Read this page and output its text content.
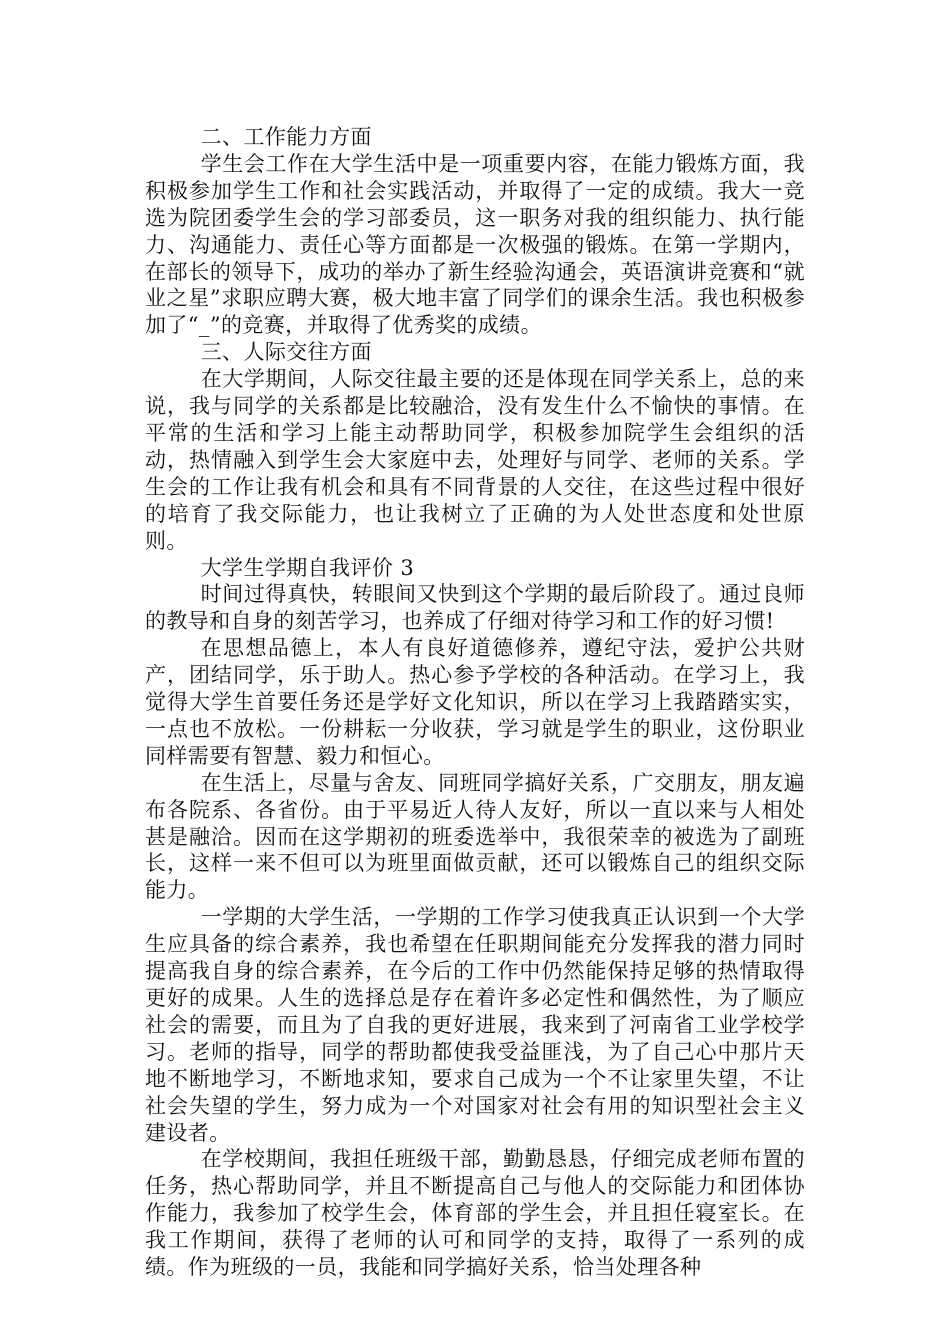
二、工作能力方面

学生会工作在大学生活中是一项重要内容，在能力锻炼方面，我积极参加学生工作和社会实践活动，并取得了一定的成绩。我大一竞选为院团委学生会的学习部委员，这一职务对我的组织能力、执行能力、沟通能力、责任心等方面都是一次极强的锻炼。在第一学期内，在部长的领导下，成功的举办了新生经验沟通会，英语演讲竞赛和“就业之星”求职应聘大赛，极大地丰富了同学们的课余生活。我也积极参加了“_”的竞赛，并取得了优秀奖的成绩。

三、人际交往方面

在大学期间，人际交往最主要的还是体现在同学关系上，总的来说，我与同学的关系都是比较融洽，没有发生什么不愉快的事情。在平常的生活和学习上能主动帮助同学，积极参加院学生会组织的活动，热情融入到学生会大家庭中去，处理好与同学、老师的关系。学生会的工作让我有机会和具有不同背景的人交往，在这些过程中很好的培育了我交际能力，也让我树立了正确的为人处世态度和处世原则。

大学生学期自我评价 3

时间过得真快，转眼间又快到这个学期的最后阶段了。通过良师的教导和自身的刻苦学习，也养成了仔细对待学习和工作的好习惯!

在思想品德上，本人有良好道德修养，遵纪守法，爱护公共财产，团结同学，乐于助人。热心参予学校的各种活动。在学习上，我觉得大学生首要任务还是学好文化知识，所以在学习上我踏踏实实，一点也不放松。一份耕耘一分收获，学习就是学生的职业，这份职业同样需要有智慧、毅力和恒心。

在生活上，尽量与舍友、同班同学搞好关系，广交朋友，朋友遍布各院系、各省份。由于平易近人待人友好，所以一直以来与人相处甚是融洽。因而在这学期初的班委选举中，我很荣幸的被选为了副班长，这样一来不但可以为班里面做贡献，还可以锻炼自己的组织交际能力。

一学期的大学生活，一学期的工作学习使我真正认识到一个大学生应具备的综合素养，我也希望在任职期间能充分发挥我的潜力同时提高我自身的综合素养，在今后的工作中仍然能保持足够的热情取得更好的成果。人生的选择总是存在着许多必定性和偶然性，为了顺应社会的需要，而且为了自我的更好进展，我来到了河南省工业学校学习。老师的指导，同学的帮助都使我受益匪浅，为了自己心中那片天地不断地学习，不断地求知，要求自己成为一个不让家里失望，不让社会失望的学生，努力成为一个对国家对社会有用的知识型社会主义建设者。

在学校期间，我担任班级干部，勤勤恳恳，仔细完成老师布置的任务，热心帮助同学，并且不断提高自己与他人的交际能力和团体协作能力，我参加了校学生会，体育部的学生会，并且担任寝室长。在我工作期间，获得了老师的认可和同学的支持，取得了一系列的成绩。作为班级的一员，我能和同学搞好关系，恰当处理各种
